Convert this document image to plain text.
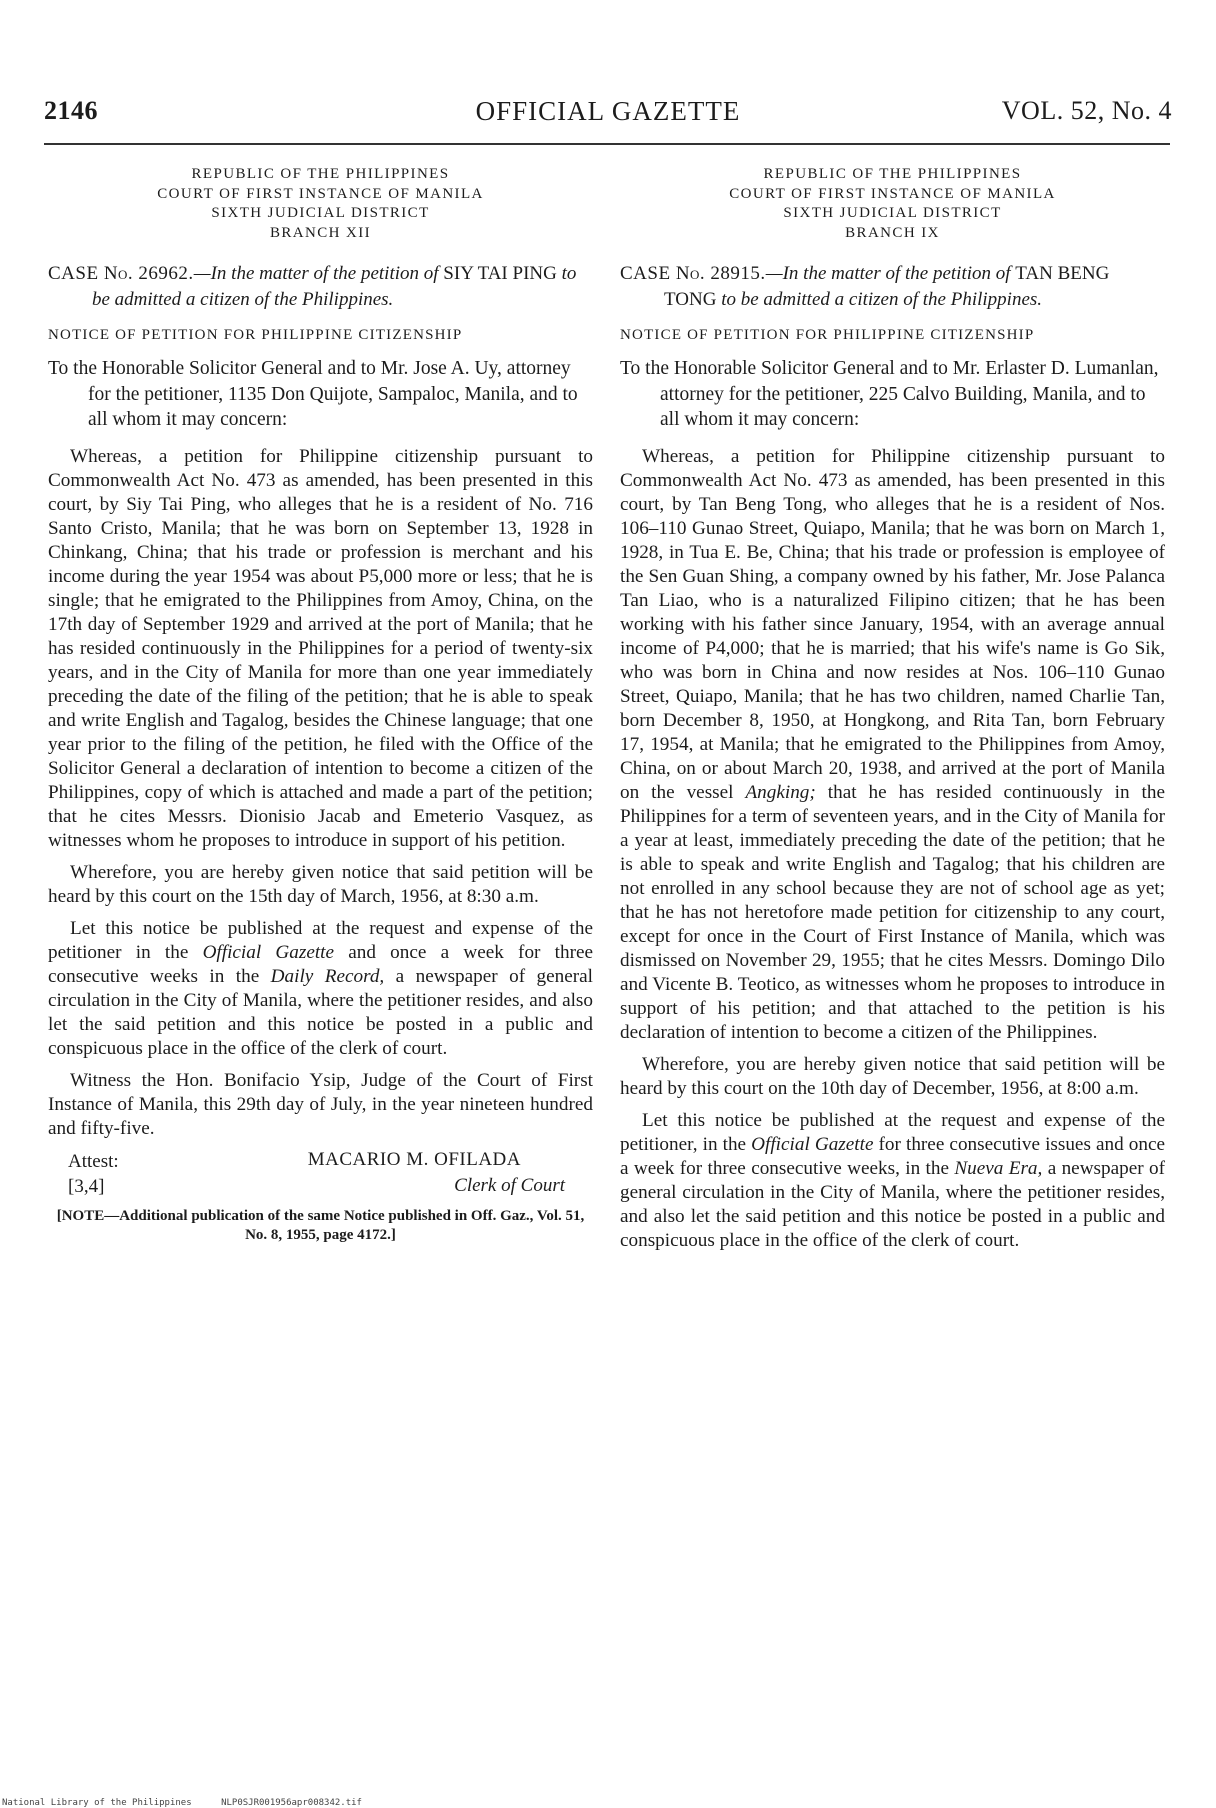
2146	OFFICIAL GAZETTE	VOL. 52, No. 4
REPUBLIC OF THE PHILIPPINES
COURT OF FIRST INSTANCE OF MANILA
SIXTH JUDICIAL DISTRICT
BRANCH XII
CASE No. 26962.—In the matter of the petition of SIY TAI PING to be admitted a citizen of the Philippines.
NOTICE OF PETITION FOR PHILIPPINE CITIZENSHIP
To the Honorable Solicitor General and to Mr. Jose A. Uy, attorney for the petitioner, 1135 Don Quijote, Sampaloc, Manila, and to all whom it may concern:

Whereas, a petition for Philippine citizenship pursuant to Commonwealth Act No. 473 as amended, has been presented in this court, by Siy Tai Ping, who alleges that he is a resident of No. 716 Santo Cristo, Manila; that he was born on September 13, 1928 in Chinkang, China; that his trade or profession is merchant and his income during the year 1954 was about P5,000 more or less; that he is single; that he emigrated to the Philippines from Amoy, China, on the 17th day of September 1929 and arrived at the port of Manila; that he has resided continuously in the Philippines for a period of twenty-six years, and in the City of Manila for more than one year immediately preceding the date of the filing of the petition; that he is able to speak and write English and Tagalog, besides the Chinese language; that one year prior to the filing of the petition, he filed with the Office of the Solicitor General a declaration of intention to become a citizen of the Philippines, copy of which is attached and made a part of the petition; that he cites Messrs. Dionisio Jacab and Emeterio Vasquez, as witnesses whom he proposes to introduce in support of his petition.

Wherefore, you are hereby given notice that said petition will be heard by this court on the 15th day of March, 1956, at 8:30 a.m.

Let this notice be published at the request and expense of the petitioner in the Official Gazette and once a week for three consecutive weeks in the Daily Record, a newspaper of general circulation in the City of Manila, where the petitioner resides, and also let the said petition and this notice be posted in a public and conspicuous place in the office of the clerk of court.

Witness the Hon. Bonifacio Ysip, Judge of the Court of First Instance of Manila, this 29th day of July, in the year nineteen hundred and fifty-five.

Attest:
[3,4]
MACARIO M. OFILADA
Clerk of Court
[NOTE—Additional publication of the same Notice published in Off. Gaz., Vol. 51, No. 8, 1955, page 4172.]
REPUBLIC OF THE PHILIPPINES
COURT OF FIRST INSTANCE OF MANILA
SIXTH JUDICIAL DISTRICT
BRANCH IX
CASE No. 28915.—In the matter of the petition of TAN BENG TONG to be admitted a citizen of the Philippines.
NOTICE OF PETITION FOR PHILIPPINE CITIZENSHIP
To the Honorable Solicitor General and to Mr. Erlaster D. Lumanlan, attorney for the petitioner, 225 Calvo Building, Manila, and to all whom it may concern:

Whereas, a petition for Philippine citizenship pursuant to Commonwealth Act No. 473 as amended, has been presented in this court, by Tan Beng Tong, who alleges that he is a resident of Nos. 106–110 Gunao Street, Quiapo, Manila; that he was born on March 1, 1928, in Tua E. Be, China; that his trade or profession is employee of the Sen Guan Shing, a company owned by his father, Mr. Jose Palanca Tan Liao, who is a naturalized Filipino citizen; that he has been working with his father since January, 1954, with an average annual income of P4,000; that he is married; that his wife's name is Go Sik, who was born in China and now resides at Nos. 106–110 Gunao Street, Quiapo, Manila; that he has two children, named Charlie Tan, born December 8, 1950, at Hongkong, and Rita Tan, born February 17, 1954, at Manila; that he emigrated to the Philippines from Amoy, China, on or about March 20, 1938, and arrived at the port of Manila on the vessel Angking; that he has resided continuously in the Philippines for a term of seventeen years, and in the City of Manila for a year at least, immediately preceding the date of the petition; that he is able to speak and write English and Tagalog; that his children are not enrolled in any school because they are not of school age as yet; that he has not heretofore made petition for citizenship to any court, except for once in the Court of First Instance of Manila, which was dismissed on November 29, 1955; that he cites Messrs. Domingo Dilo and Vicente B. Teotico, as witnesses whom he proposes to introduce in support of his petition; and that attached to the petition is his declaration of intention to become a citizen of the Philippines.

Wherefore, you are hereby given notice that said petition will be heard by this court on the 10th day of December, 1956, at 8:00 a.m.

Let this notice be published at the request and expense of the petitioner, in the Official Gazette for three consecutive issues and once a week for three consecutive weeks, in the Nueva Era, a newspaper of general circulation in the City of Manila, where the petitioner resides, and also let the said petition and this notice be posted in a public and conspicuous place in the office of the clerk of court.

National Library of the Philippines	NLP0SJR001956apr008342.tif
